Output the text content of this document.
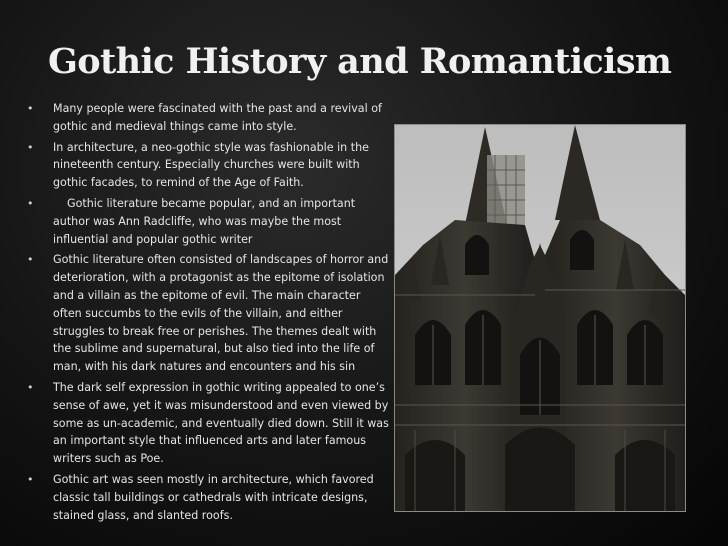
Gothic History and Romanticism
• Many people were fascinated with the past and a revival of gothic and medieval things came into style.
• In architecture, a neo-gothic style was fashionable in the nineteenth century. Especially churches were built with gothic facades, to remind of the Age of Faith.
•	Gothic literature became popular, and an important author was Ann Radcliffe, who was maybe the most influential and popular gothic writer
• Gothic literature often consisted of landscapes of horror and deterioration, with a protagonist as the epitome of isolation and a villain as the epitome of evil. The main character often succumbs to the evils of the villain, and either struggles to break free or perishes. The themes dealt with the sublime and supernatural, but also tied into the life of man, with his dark natures and encounters and his sin
• The dark self expression in gothic writing appealed to one’s sense of awe, yet it was misunderstood and even viewed by some as un-academic, and eventually died down. Still it was an important style that influenced arts and later famous writers such as Poe.
• Gothic art was seen mostly in architecture, which favored classic tall buildings or cathedrals with intricate designs, stained glass, and slanted roofs.
